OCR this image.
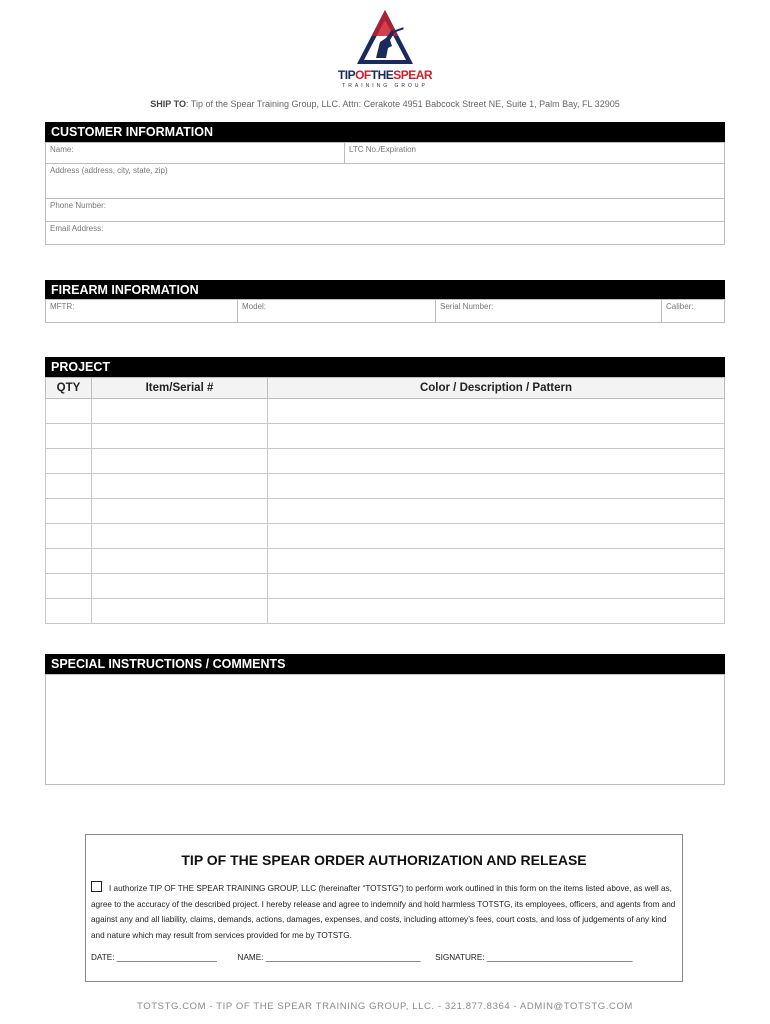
TIPOFTHESPEAR
TRAINING GROUP
SHIP TO: Tip of the Spear Training Group, LLC. Attn: Cerakote 4951 Babcock Street NE, Suite 1, Palm Bay, FL 32905
CUSTOMER INFORMATION
Name:	LTC No./Expiration
Address (address, city, state, zip)
Phone Number:
Email Address:
FIREARM INFORMATION
MFTR:	Model:	Serial Number:	Caliber:
PROJECT
QTY	Item/Serial #	Color / Description / Pattern

SPECIAL INSTRUCTIONS / COMMENTS
TIP OF THE SPEAR ORDER AUTHORIZATION AND RELEASE
I authorize TIP OF THE SPEAR TRAINING GROUP, LLC (hereinafter “TOTSTG”) to perform work outlined in this form on the items listed above, as well as, agree to the accuracy of the described project. I hereby release and agree to indemnify and hold harmless TOTSTG, its employees, officers, and agents from and against any and all liability, claims, demands, actions, damages, expenses, and costs, including attorney’s fees, court costs, and loss of judgements of any kind and nature which may result from services provided for me by TOTSTG.
DATE: ______________________	NAME: __________________________________ SIGNATURE: ________________________________
TOTSTG.COM - TIP OF THE SPEAR TRAINING GROUP, LLC. - 321.877.8364 - ADMIN@TOTSTG.COM
